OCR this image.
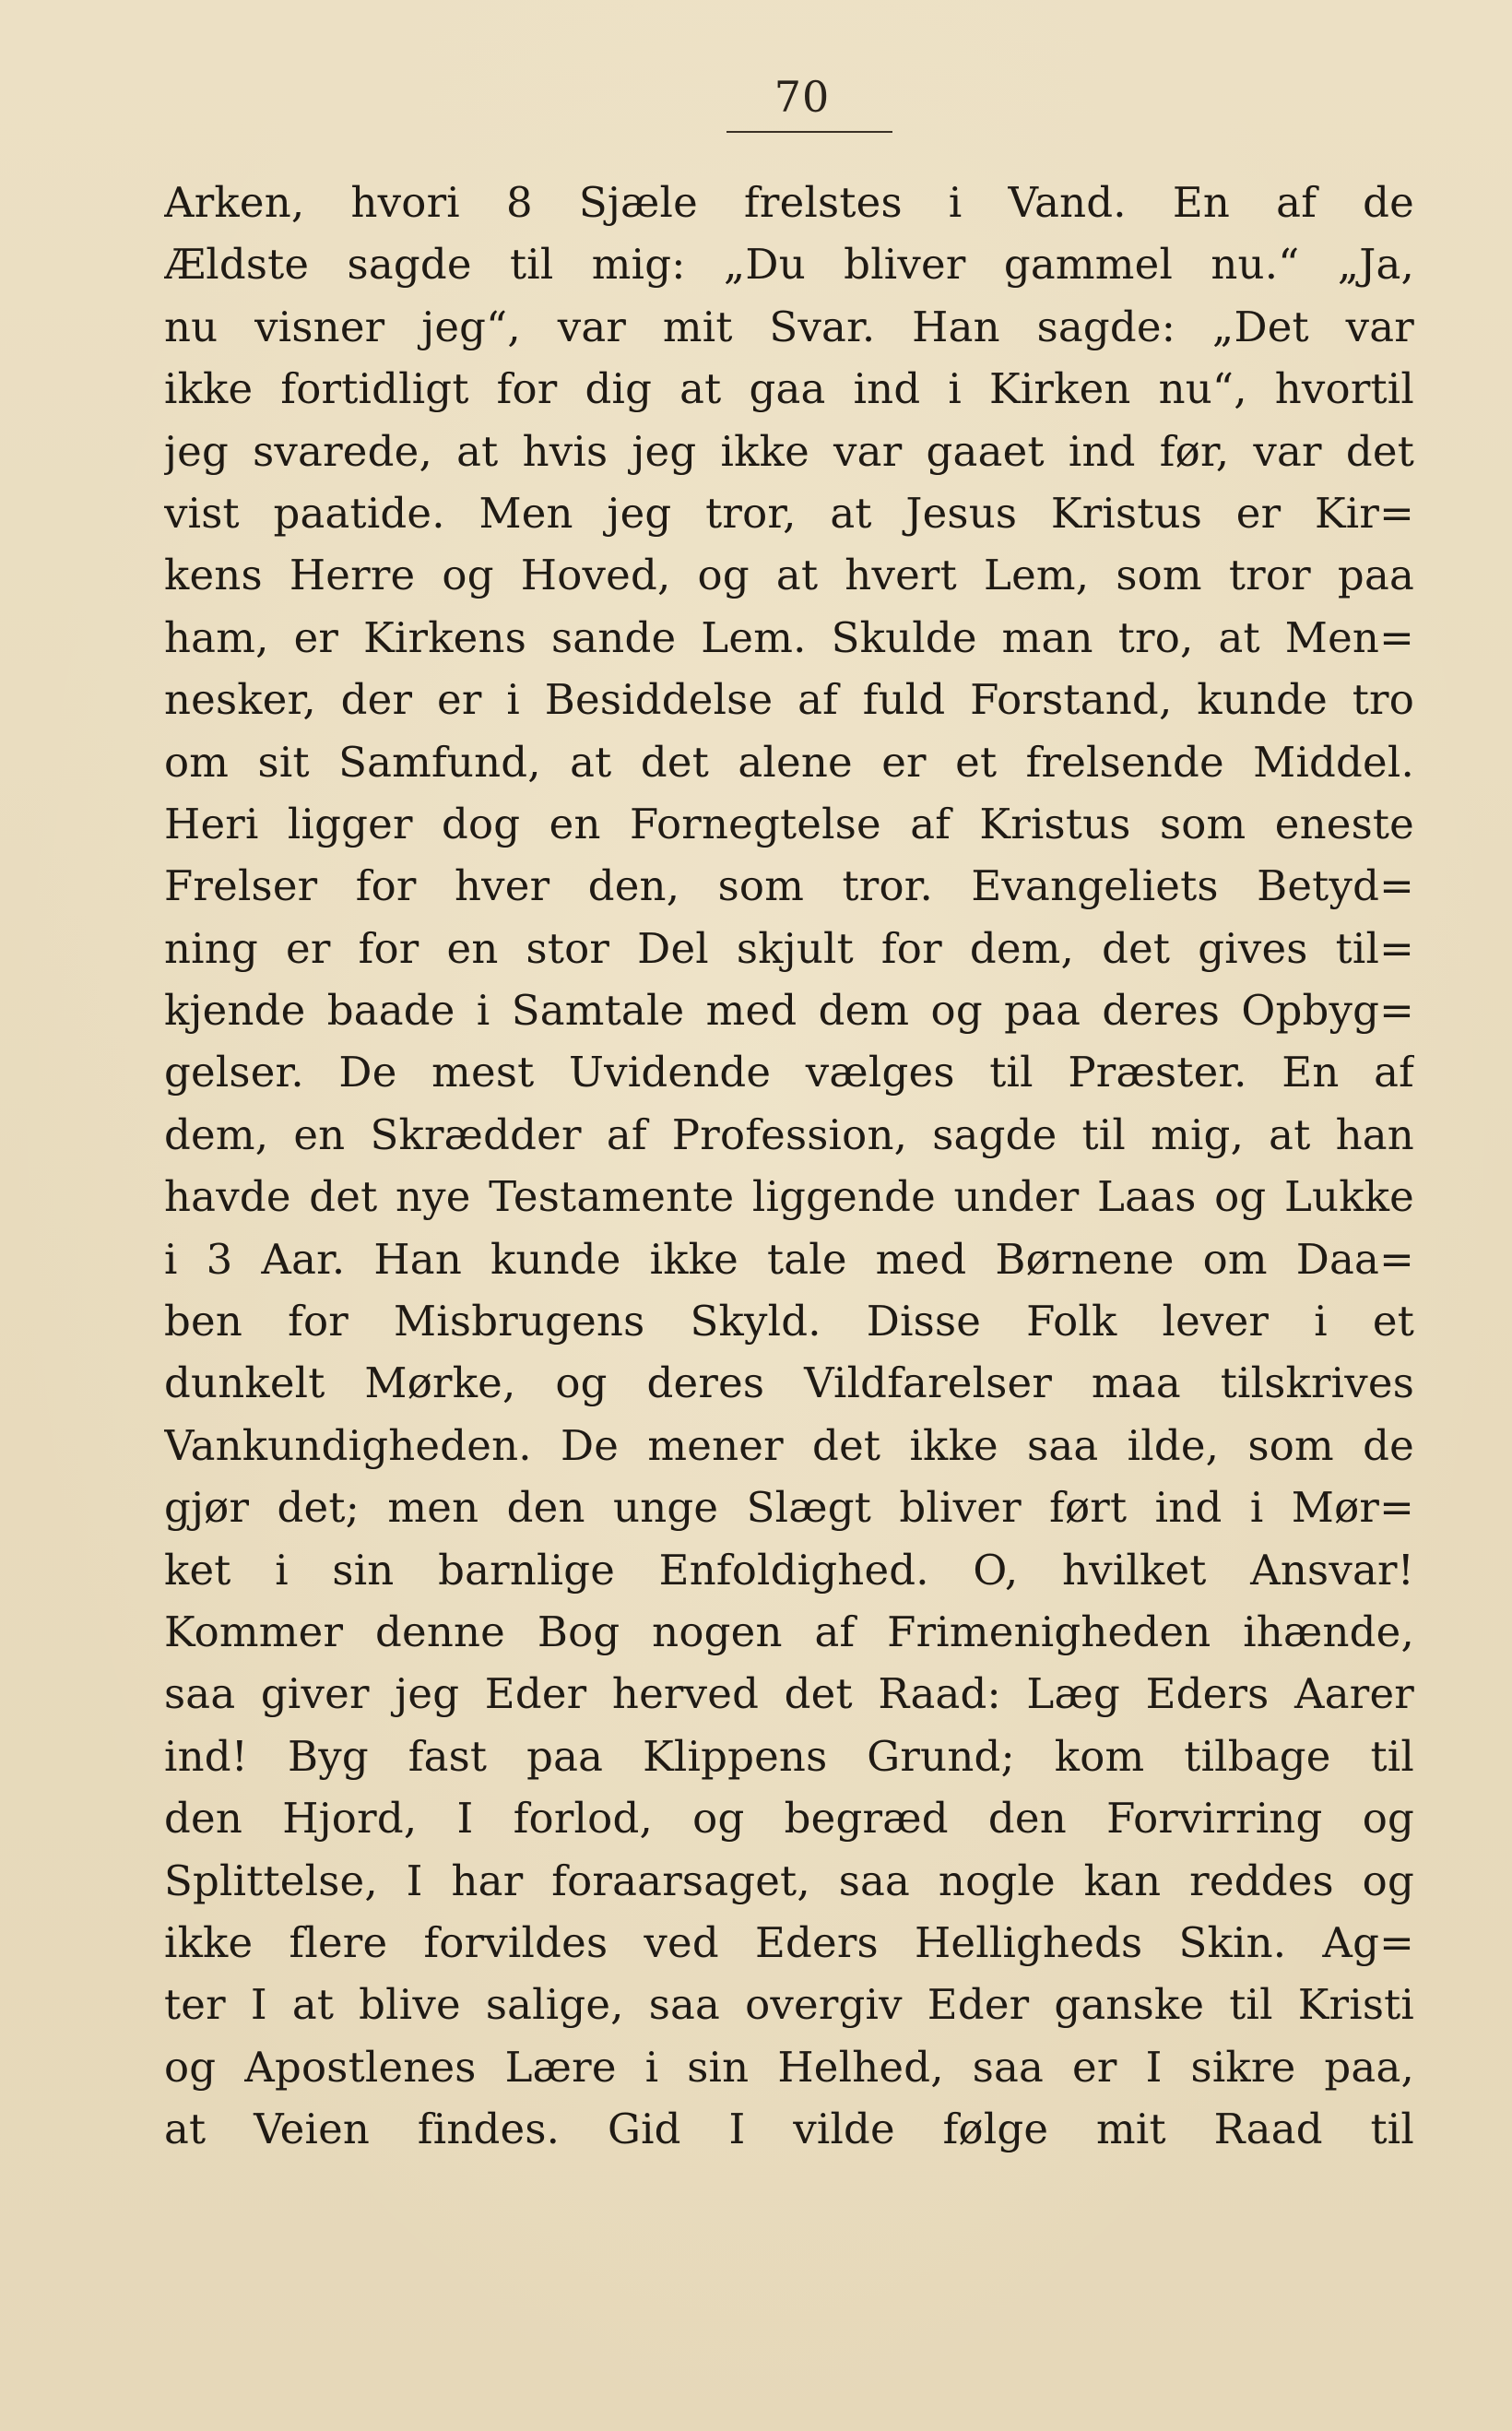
70
Arken, hvori 8 Sjæle frelstes i Vand. En af de
Ældste sagde til mig: „Du bliver gammel nu.“ „Ja,
nu visner jeg“, var mit Svar. Han sagde: „Det var
ikke fortidligt for dig at gaa ind i Kirken nu“, hvortil
jeg svarede, at hvis jeg ikke var gaaet ind før, var det
vist paatide. Men jeg tror, at Jesus Kristus er Kir=
kens Herre og Hoved, og at hvert Lem, som tror paa
ham, er Kirkens sande Lem. Skulde man tro, at Men=
nesker, der er i Besiddelse af fuld Forstand, kunde tro
om sit Samfund, at det alene er et frelsende Middel.
Heri ligger dog en Fornegtelse af Kristus som eneste
Frelser for hver den, som tror. Evangeliets Betyd=
ning er for en stor Del skjult for dem, det gives til=
kjende baade i Samtale med dem og paa deres Opbyg=
gelser. De mest Uvidende vælges til Præster. En af
dem, en Skrædder af Profession, sagde til mig, at han
havde det nye Testamente liggende under Laas og Lukke
i 3 Aar. Han kunde ikke tale med Børnene om Daa=
ben for Misbrugens Skyld. Disse Folk lever i et
dunkelt Mørke, og deres Vildfarelser maa tilskrives
Vankundigheden. De mener det ikke saa ilde, som de
gjør det; men den unge Slægt bliver ført ind i Mør=
ket i sin barnlige Enfoldighed. O, hvilket Ansvar!
Kommer denne Bog nogen af Frimenigheden ihænde,
saa giver jeg Eder herved det Raad: Læg Eders Aarer
ind! Byg fast paa Klippens Grund; kom tilbage til
den Hjord, I forlod, og begræd den Forvirring og
Splittelse, I har foraarsaget, saa nogle kan reddes og
ikke flere forvildes ved Eders Helligheds Skin. Ag=
ter I at blive salige, saa overgiv Eder ganske til Kristi
og Apostlenes Lære i sin Helhed, saa er I sikre paa,
at Veien findes. Gid I vilde følge mit Raad til
